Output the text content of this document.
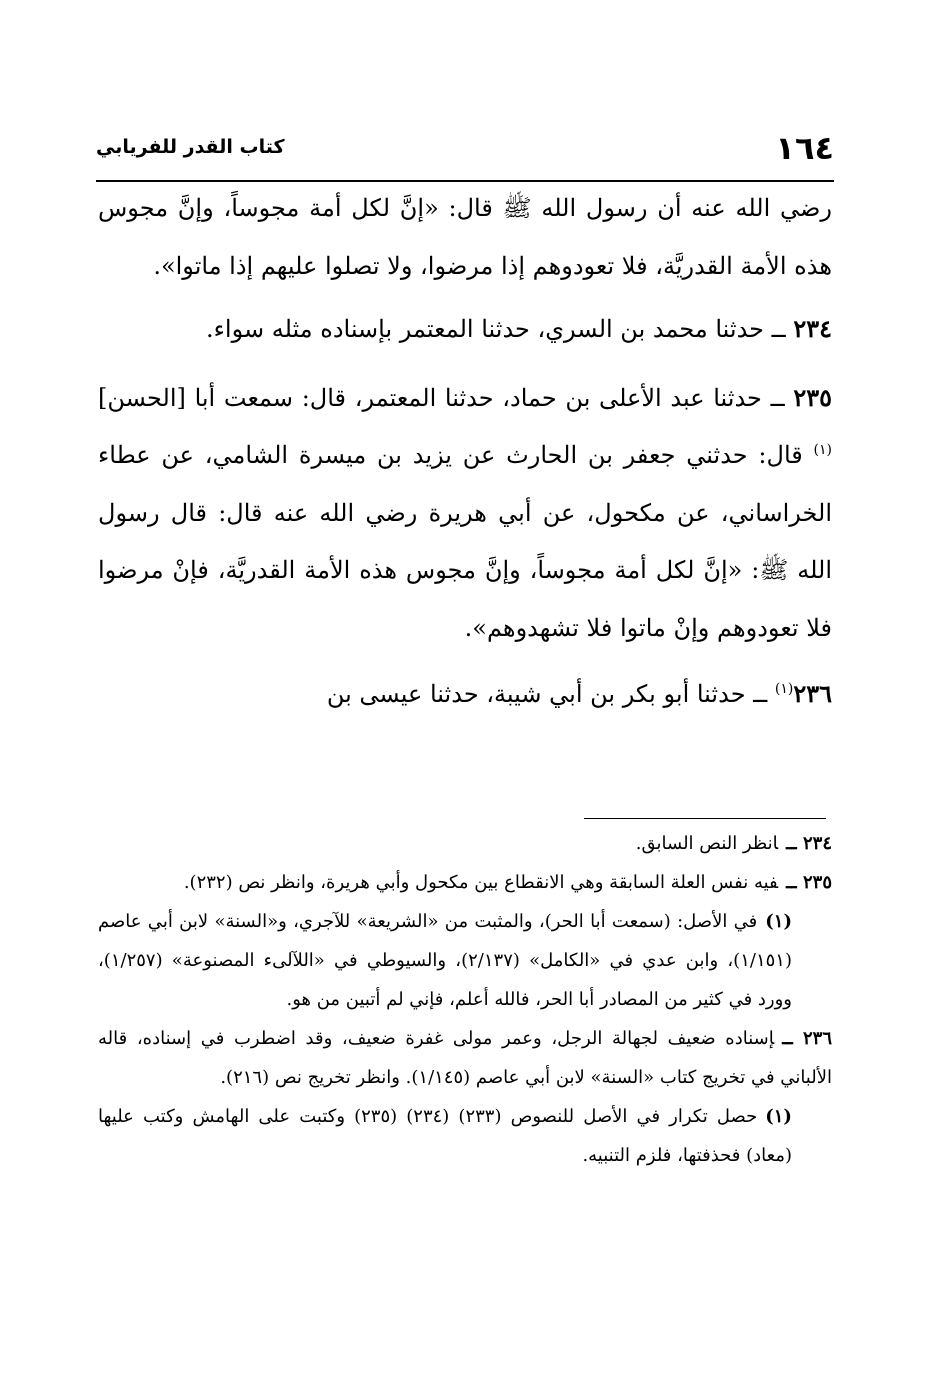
١٦٤
كتاب القدر للفريابي

رضي الله عنه أن رسول الله ﷺ قال: «إنَّ لكل أمة مجوساً، وإنَّ مجوس هذه الأمة القدريَّة، فلا تعودوهم إذا مرضوا، ولا تصلوا عليهم إذا ماتوا».

٢٣٤ ــ حدثنا محمد بن السري، حدثنا المعتمر بإسناده مثله سواء.

٢٣٥ ــ حدثنا عبد الأعلى بن حماد، حدثنا المعتمر، قال: سمعت أبا [الحسن]$^{(١)}$ قال: حدثني جعفر بن الحارث عن يزيد بن ميسرة الشامي، عن عطاء الخراساني، عن مكحول، عن أبي هريرة رضي الله عنه قال: قال رسول الله ﷺ: «إنَّ لكل أمة مجوساً، وإنَّ مجوس هذه الأمة القدريَّة، فإنْ مرضوا فلا تعودوهم وإنْ ماتوا فلا تشهدوهم».

٢٣٦$^{(١)}$ ــ حدثنا أبو بكر بن أبي شيبة، حدثنا عيسى بن

٢٣٤ ــانظر النص السابق.

٢٣٥ ــفيه نفس العلة السابقة وهي الانقطاع بين مكحول وأبي هريرة، وانظر نص (٢٣٢).

(١)في الأصل: (سمعت أبا الحر)، والمثبت من «الشريعة» للآجري، و«السنة» لابن أبي عاصم (١/١٥١)، وابن عدي في «الكامل» (٢/١٣٧)، والسيوطي في «اللآلىء المصنوعة» (١/٢٥٧)، وورد في كثير من المصادر أبا الحر، فالله أعلم، فإني لم أتبين من هو.

٢٣٦ ــإسناده ضعيف لجهالة الرجل، وعمر مولى غفرة ضعيف، وقد اضطرب في إسناده، قاله الألباني في تخريج كتاب «السنة» لابن أبي عاصم (١/١٤٥). وانظر تخريج نص (٢١٦).

(١)حصل تكرار في الأصل للنصوص (٢٣٣) (٢٣٤) (٢٣٥) وكتبت على الهامش وكتب عليها (معاد) فحذفتها، فلزم التنبيه.
